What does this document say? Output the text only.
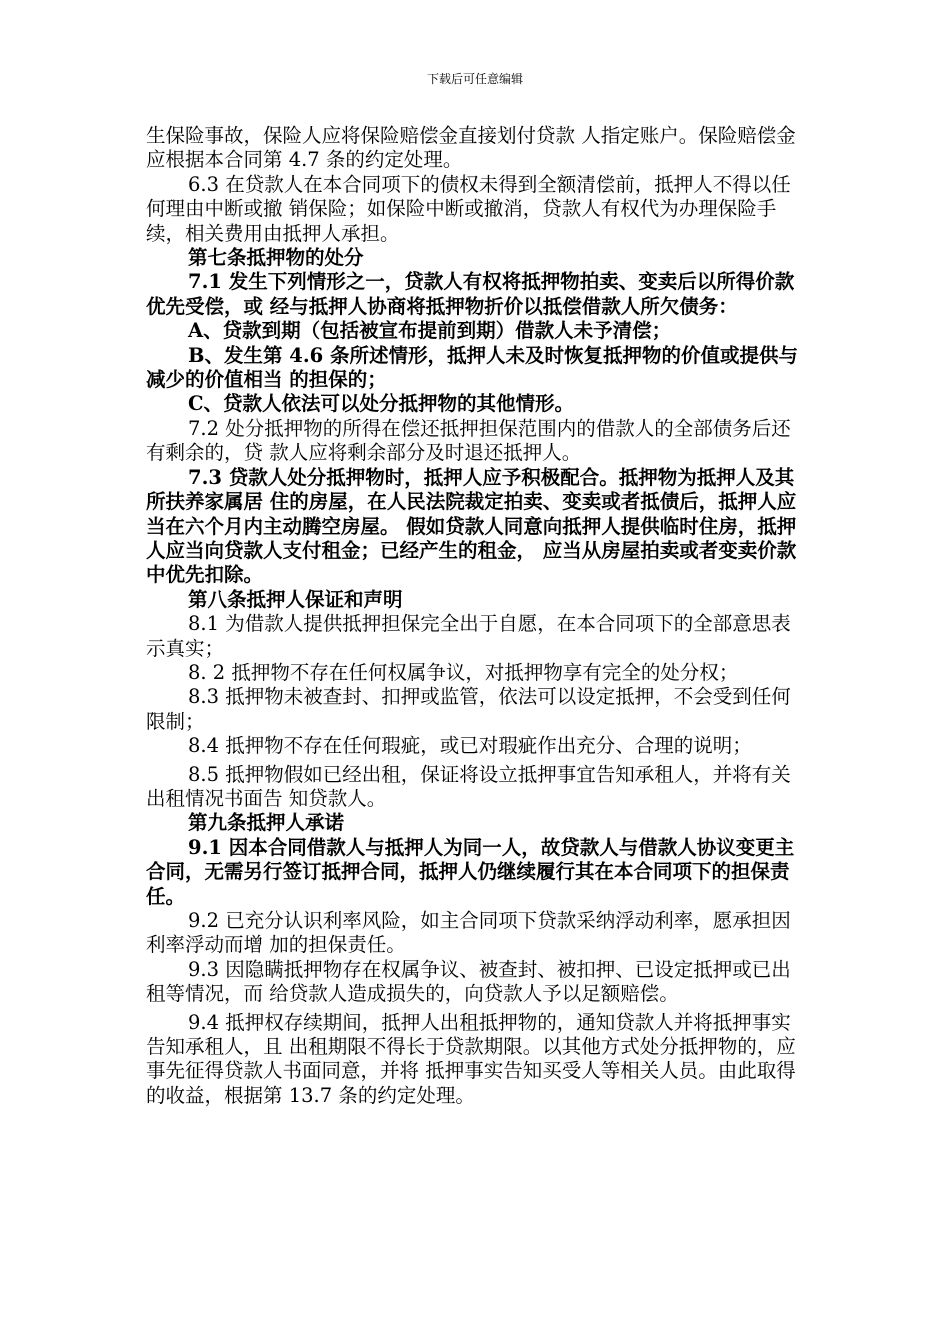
下载后可任意编辑

生保险事故，保险人应将保险赔偿金直接划付贷款 人指定账户。保险赔偿金应根据本合同第 4.7 条的约定处理。

6.3 在贷款人在本合同项下的债权未得到全额清偿前，抵押人不得以任何理由中断或撤 销保险；如保险中断或撤消，贷款人有权代为办理保险手续，相关费用由抵押人承担。

第七条抵押物的处分

7.1 发生下列情形之一，贷款人有权将抵押物拍卖、变卖后以所得价款优先受偿，或 经与抵押人协商将抵押物折价以抵偿借款人所欠债务：

A、贷款到期（包括被宣布提前到期）借款人未予清偿；

B、发生第 4.6 条所述情形，抵押人未及时恢复抵押物的价值或提供与减少的价值相当 的担保的；

C、贷款人依法可以处分抵押物的其他情形。

7.2 处分抵押物的所得在偿还抵押担保范围内的借款人的全部债务后还有剩余的，贷 款人应将剩余部分及时退还抵押人。

7.3 贷款人处分抵押物时，抵押人应予积极配合。抵押物为抵押人及其所扶养家属居 住的房屋，在人民法院裁定拍卖、变卖或者抵债后，抵押人应当在六个月内主动腾空房屋。 假如贷款人同意向抵押人提供临时住房，抵押人应当向贷款人支付租金；已经产生的租金， 应当从房屋拍卖或者变卖价款中优先扣除。

第八条抵押人保证和声明

8.1 为借款人提供抵押担保完全出于自愿，在本合同项下的全部意思表示真实；

8. 2 抵押物不存在任何权属争议，对抵押物享有完全的处分权；

8.3 抵押物未被查封、扣押或监管，依法可以设定抵押，不会受到任何限制；

8.4 抵押物不存在任何瑕疵，或已对瑕疵作出充分、合理的说明；

8.5 抵押物假如已经出租，保证将设立抵押事宜告知承租人，并将有关出租情况书面告 知贷款人。

第九条抵押人承诺

9.1 因本合同借款人与抵押人为同一人，故贷款人与借款人协议变更主合同，无需另行签订抵押合同，抵押人仍继续履行其在本合同项下的担保责任。

9.2 已充分认识利率风险，如主合同项下贷款采纳浮动利率，愿承担因利率浮动而增 加的担保责任。

9.3 因隐瞒抵押物存在权属争议、被查封、被扣押、已设定抵押或已出租等情况，而 给贷款人造成损失的，向贷款人予以足额赔偿。

9.4 抵押权存续期间，抵押人出租抵押物的，通知贷款人并将抵押事实告知承租人，且 出租期限不得长于贷款期限。以其他方式处分抵押物的，应事先征得贷款人书面同意，并将 抵押事实告知买受人等相关人员。由此取得的收益，根据第 13.7 条的约定处理。
